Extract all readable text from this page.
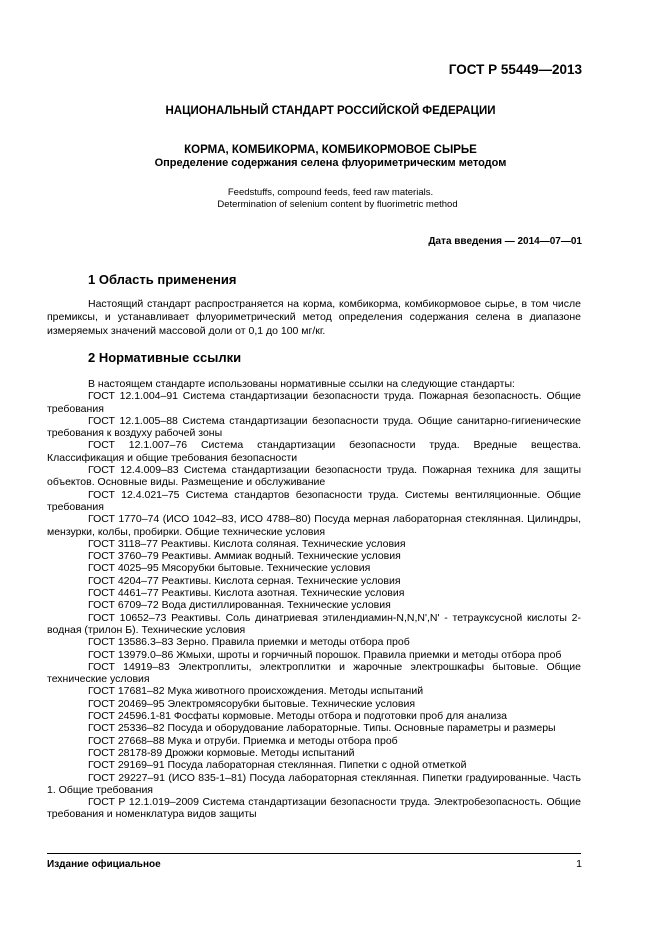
ГОСТ Р 55449—2013
НАЦИОНАЛЬНЫЙ СТАНДАРТ РОССИЙСКОЙ ФЕДЕРАЦИИ
КОРМА, КОМБИКОРМА, КОМБИКОРМОВОЕ СЫРЬЕ
Определение содержания селена флуориметрическим методом
Feedstuffs, compound feeds, feed raw materials.
Determination of selenium content by fluorimetric method
Дата введения — 2014—07—01
1 Область применения

Настоящий стандарт распространяется на корма, комбикорма, комбикормовое сырье, в том числе премиксы, и устанавливает флуориметрический метод определения содержания селена в диапазоне измеряемых значений массовой доли от 0,1 до 100 мг/кг.

2 Нормативные ссылки

В настоящем стандарте использованы нормативные ссылки на следующие стандарты:

ГОСТ 12.1.004–91 Система стандартизации безопасности труда. Пожарная безопасность. Общие требования

ГОСТ 12.1.005–88 Система стандартизации безопасности труда. Общие санитарно-гигиенические требования к воздуху рабочей зоны

ГОСТ 12.1.007–76 Система стандартизации безопасности труда. Вредные вещества. Классификация и общие требования безопасности

ГОСТ 12.4.009–83 Система стандартизации безопасности труда. Пожарная техника для защиты объектов. Основные виды. Размещение и обслуживание

ГОСТ 12.4.021–75 Система стандартов безопасности труда. Системы вентиляционные. Общие требования

ГОСТ 1770–74 (ИСО 1042–83, ИСО 4788–80) Посуда мерная лабораторная стеклянная. Цилиндры, мензурки, колбы, пробирки. Общие технические условия

ГОСТ 3118–77 Реактивы. Кислота соляная. Технические условия

ГОСТ 3760–79 Реактивы. Аммиак водный. Технические условия

ГОСТ 4025–95 Мясорубки бытовые. Технические условия

ГОСТ 4204–77 Реактивы. Кислота серная. Технические условия

ГОСТ 4461–77 Реактивы. Кислота азотная. Технические условия

ГОСТ 6709–72 Вода дистиллированная. Технические условия

ГОСТ 10652–73 Реактивы. Соль динатриевая этилендиамин-N,N,N',N' - тетрауксусной кислоты 2-водная (трилон Б). Технические условия

ГОСТ 13586.3–83 Зерно. Правила приемки и методы отбора проб

ГОСТ 13979.0–86 Жмыхи, шроты и горчичный порошок. Правила приемки и методы отбора проб

ГОСТ 14919–83 Электроплиты, электроплитки и жарочные электрошкафы бытовые. Общие технические условия

ГОСТ 17681–82 Мука животного происхождения. Методы испытаний

ГОСТ 20469–95 Электромясорубки бытовые. Технические условия

ГОСТ 24596.1-81 Фосфаты кормовые. Методы отбора и подготовки проб для анализа

ГОСТ 25336–82 Посуда и оборудование лабораторные. Типы. Основные параметры и размеры

ГОСТ 27668–88 Мука и отруби. Приемка и методы отбора проб

ГОСТ 28178-89 Дрожжи кормовые. Методы испытаний

ГОСТ 29169–91 Посуда лабораторная стеклянная. Пипетки с одной отметкой

ГОСТ 29227–91 (ИСО 835-1–81) Посуда лабораторная стеклянная. Пипетки градуированные. Часть 1. Общие требования

ГОСТ Р 12.1.019–2009 Система стандартизации безопасности труда. Электробезопасность. Общие требования и номенклатура видов защиты

Издание официальное	1
